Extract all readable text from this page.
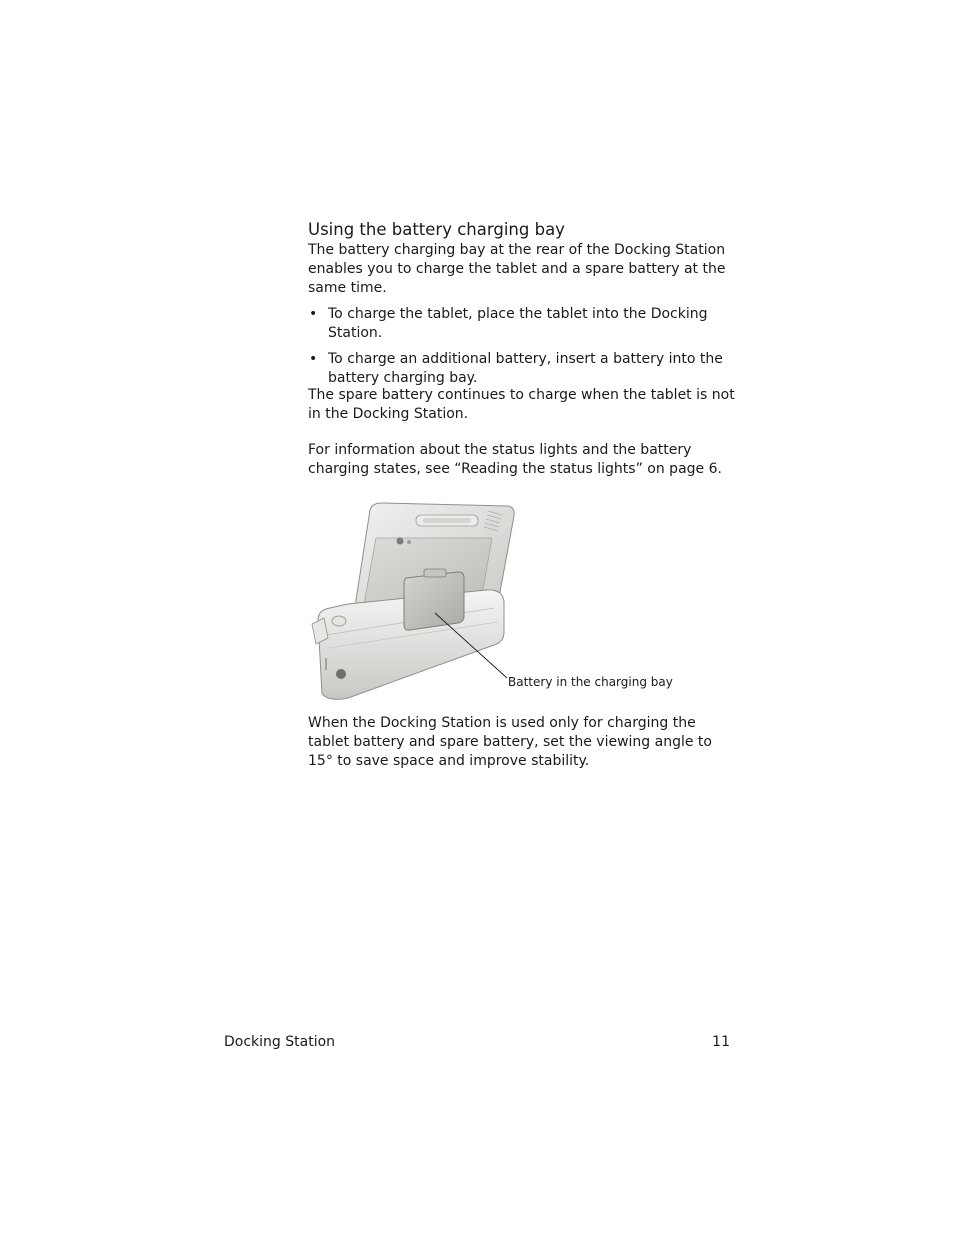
Using the battery charging bay

The battery charging bay at the rear of the Docking Station enables you to charge the tablet and a spare battery at the same time.

• To charge the tablet, place the tablet into the Docking Station.
• To charge an additional battery, insert a battery into the battery charging bay.

The spare battery continues to charge when the tablet is not in the Docking Station.

For information about the status lights and the battery charging states, see “Reading the status lights” on page 6.

Battery in the charging bay

When the Docking Station is used only for charging the tablet battery and spare battery, set the viewing angle to 15° to save space and improve stability.

Docking Station	11
